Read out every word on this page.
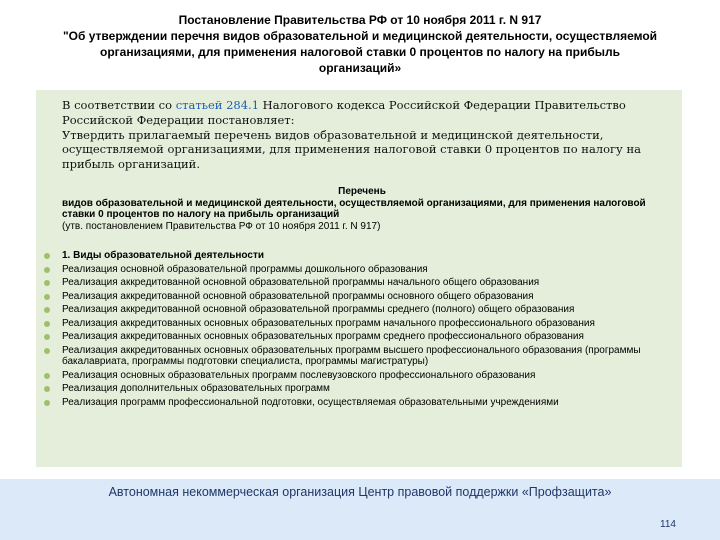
Постановление Правительства РФ от 10 ноября 2011 г. N 917
"Об утверждении перечня видов образовательной и медицинской деятельности, осуществляемой
организациями, для применения налоговой ставки 0 процентов по налогу на прибыль
организаций»

В соответствии со статьей 284.1 Налогового кодекса Российской Федерации Правительство Российской Федерации постановляет:

Утвердить прилагаемый перечень видов образовательной и медицинской деятельности, осуществляемой организациями, для применения налоговой ставки 0 процентов по налогу на прибыль организаций.

Перечень
видов образовательной и медицинской деятельности, осуществляемой организациями, для применения налоговой ставки 0 процентов по налогу на прибыль организаций
(утв. постановлением Правительства РФ от 10 ноября 2011 г. N 917)
1. Виды образовательной деятельности
Реализация основной образовательной программы дошкольного образования
Реализация аккредитованной основной образовательной программы начального общего образования
Реализация аккредитованной основной образовательной программы основного общего образования
Реализация аккредитованной основной образовательной программы среднего (полного) общего образования
Реализация аккредитованных основных образовательных программ начального профессионального образования
Реализация аккредитованных основных образовательных программ среднего профессионального образования
Реализация аккредитованных основных образовательных программ высшего профессионального образования (программы бакалавриата, программы подготовки специалиста, программы магистратуры)
Реализация основных образовательных программ послевузовского профессионального образования
Реализация дополнительных образовательных программ
Реализация программ профессиональной подготовки, осуществляемая образовательными учреждениями
Автономная некоммерческая организация Центр правовой поддержки «Профзащита»
114
